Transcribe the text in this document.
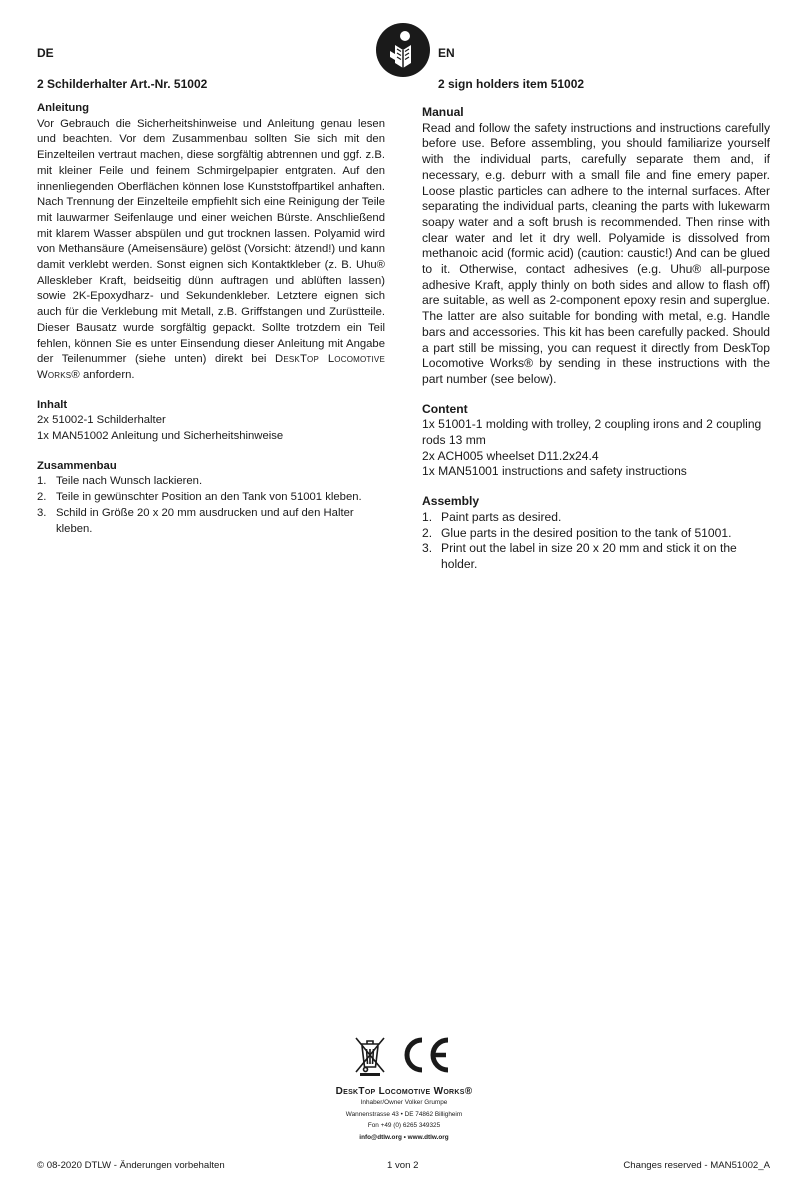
DE	EN
2 Schilderhalter Art.-Nr. 51002	2 sign holders item 51002

Anleitung

Vor Gebrauch die Sicherheitshinweise und Anleitung genau lesen und beachten. Vor dem Zusammenbau sollten Sie sich mit den Einzelteilen vertraut machen, diese sorgfältig abtrennen und ggf. z.B. mit kleiner Feile und feinem Schmirgelpapier entgraten. Auf den innenliegenden Oberflächen können lose Kunststoffpartikel anhaften. Nach Trennung der Einzelteile empfiehlt sich eine Reinigung der Teile mit lauwarmer Seifenlauge und einer weichen Bürste. Anschließend mit klarem Wasser abspülen und gut trocknen lassen. Polyamid wird von Methansäure (Ameisensäure) gelöst (Vorsicht: ätzend!) und kann damit verklebt werden. Sonst eignen sich Kontaktkleber (z. B. Uhu® Alleskleber Kraft, beidseitig dünn auftragen und ablüften lassen) sowie 2K-Epoxydharz- und Sekundenkleber. Letztere eignen sich auch für die Verklebung mit Metall, z.B. Griffstangen und Zurüstteile. Dieser Bausatz wurde sorgfältig gepackt. Sollte trotzdem ein Teil fehlen, können Sie es unter Einsendung dieser Anleitung mit Angabe der Teilenummer (siehe unten) direkt bei DeskTop Locomotive Works® anfordern.

Inhalt

2x 51002-1 Schilderhalter

1x MAN51002 Anleitung und Sicherheitshinweise

Zusammenbau

1. Teile nach Wunsch lackieren.
2. Teile in gewünschter Position an den Tank von 51001 kleben.
3. Schild in Größe 20 x 20 mm ausdrucken und auf den Halter kleben.

Manual

Read and follow the safety instructions and instructions carefully before use. Before assembling, you should familiarize yourself with the individual parts, carefully separate them and, if necessary, e.g. deburr with a small file and fine emery paper. Loose plastic particles can adhere to the internal surfaces. After separating the individual parts, cleaning the parts with lukewarm soapy water and a soft brush is recommended. Then rinse with clear water and let it dry well. Polyamide is dissolved from methanoic acid (formic acid) (caution: caustic!) And can be glued to it. Otherwise, contact adhesives (e.g. Uhu® all-purpose adhesive Kraft, apply thinly on both sides and allow to flash off) are suitable, as well as 2-component epoxy resin and superglue. The latter are also suitable for bonding with metal, e.g. Handle bars and accessories. This kit has been carefully packed. Should a part still be missing, you can request it directly from DeskTop Locomotive Works® by sending in these instructions with the part number (see below).

Content

1x 51001-1 molding with trolley, 2 coupling irons and 2 coupling rods 13 mm

2x ACH005 wheelset D11.2x24.4

1x MAN51001 instructions and safety instructions

Assembly

1. Paint parts as desired.
2. Glue parts in the desired position to the tank of 51001.
3. Print out the label in size 20 x 20 mm and stick it on the holder.
DeskTop Locomotive Works®
Inhaber/Owner Volker Grumpe
Wannenstrasse 43 • DE 74862 Billigheim
Fon +49 (0) 6265 349325
info@dtlw.org • www.dtlw.org
© 08-2020 DTLW - Änderungen vorbehalten	1 von 2	Changes reserved - MAN51002_A
